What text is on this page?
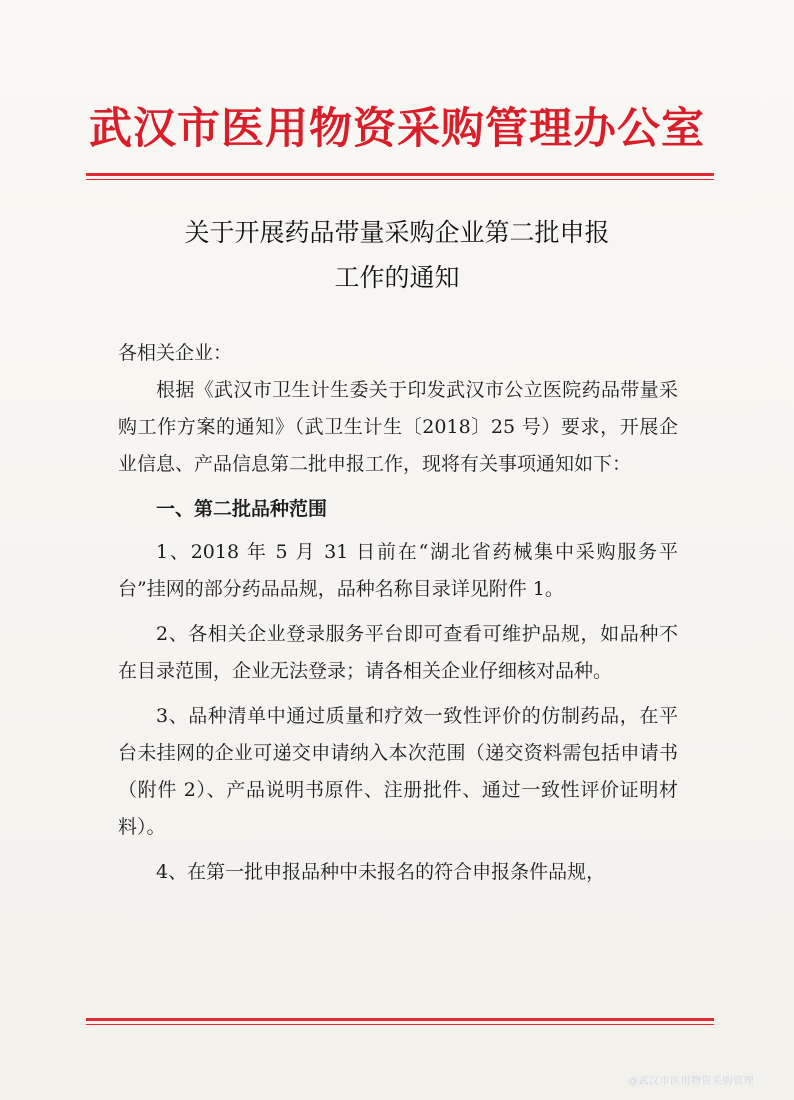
武汉市医用物资采购管理办公室
关于开展药品带量采购企业第二批申报
工作的通知

各相关企业：

根据《武汉市卫生计生委关于印发武汉市公立医院药品带量采购工作方案的通知》（武卫生计生〔2018〕25 号）要求，开展企业信息、产品信息第二批申报工作，现将有关事项通知如下：

一、第二批品种范围

1、2018 年 5 月 31 日前在“湖北省药械集中采购服务平台”挂网的部分药品品规，品种名称目录详见附件 1。

2、各相关企业登录服务平台即可查看可维护品规，如品种不在目录范围，企业无法登录；请各相关企业仔细核对品种。

3、品种清单中通过质量和疗效一致性评价的仿制药品，在平台未挂网的企业可递交申请纳入本次范围（递交资料需包括申请书（附件 2）、产品说明书原件、注册批件、通过一致性评价证明材料）。

4、在第一批申报品种中未报名的符合申报条件品规，

@武汉市医用物资采购管理
